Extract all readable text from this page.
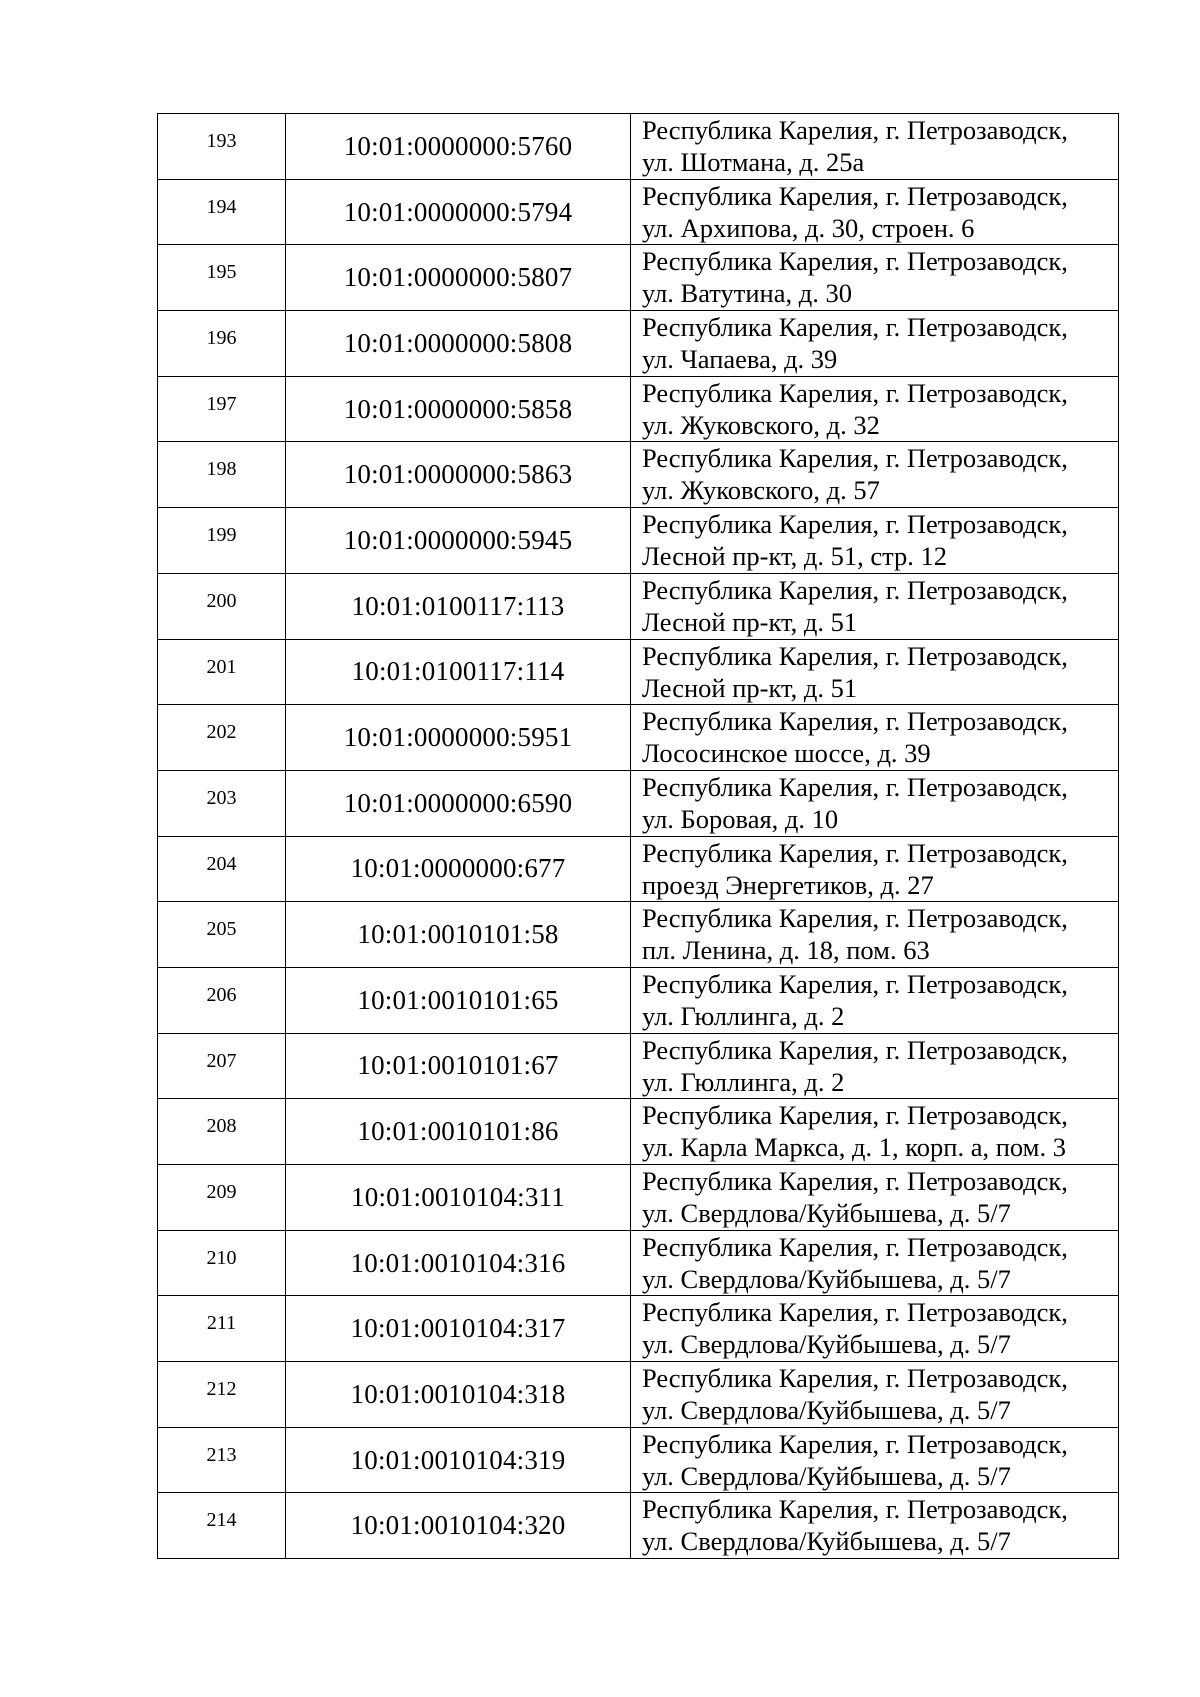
193	10:01:0000000:5760	Республика Карелия, г. Петрозаводск,
ул. Шотмана, д. 25а

194	10:01:0000000:5794	Республика Карелия, г. Петрозаводск,
ул. Архипова, д. 30, строен. 6

195	10:01:0000000:5807	Республика Карелия, г. Петрозаводск,
ул. Ватутина, д. 30

196	10:01:0000000:5808	Республика Карелия, г. Петрозаводск,
ул. Чапаева, д. 39

197	10:01:0000000:5858	Республика Карелия, г. Петрозаводск,
ул. Жуковского, д. 32

198	10:01:0000000:5863	Республика Карелия, г. Петрозаводск,
ул. Жуковского, д. 57

199	10:01:0000000:5945	Республика Карелия, г. Петрозаводск,
Лесной пр-кт, д. 51, стр. 12

200	10:01:0100117:113	Республика Карелия, г. Петрозаводск,
Лесной пр-кт, д. 51

201	10:01:0100117:114	Республика Карелия, г. Петрозаводск,
Лесной пр-кт, д. 51

202	10:01:0000000:5951	Республика Карелия, г. Петрозаводск,
Лососинское шоссе, д. 39

203	10:01:0000000:6590	Республика Карелия, г. Петрозаводск,
ул. Боровая, д. 10

204	10:01:0000000:677	Республика Карелия, г. Петрозаводск,
проезд Энергетиков, д. 27

205	10:01:0010101:58	Республика Карелия, г. Петрозаводск,
пл. Ленина, д. 18, пом. 63

206	10:01:0010101:65	Республика Карелия, г. Петрозаводск,
ул. Гюллинга, д. 2

207	10:01:0010101:67	Республика Карелия, г. Петрозаводск,
ул. Гюллинга, д. 2

208	10:01:0010101:86	Республика Карелия, г. Петрозаводск,
ул. Карла Маркса, д. 1, корп. а, пом. 3

209	10:01:0010104:311	Республика Карелия, г. Петрозаводск,
ул. Свердлова/Куйбышева, д. 5/7

210	10:01:0010104:316	Республика Карелия, г. Петрозаводск,
ул. Свердлова/Куйбышева, д. 5/7

211	10:01:0010104:317	Республика Карелия, г. Петрозаводск,
ул. Свердлова/Куйбышева, д. 5/7

212	10:01:0010104:318	Республика Карелия, г. Петрозаводск,
ул. Свердлова/Куйбышева, д. 5/7

213	10:01:0010104:319	Республика Карелия, г. Петрозаводск,
ул. Свердлова/Куйбышева, д. 5/7

214	10:01:0010104:320	Республика Карелия, г. Петрозаводск,
ул. Свердлова/Куйбышева, д. 5/7
